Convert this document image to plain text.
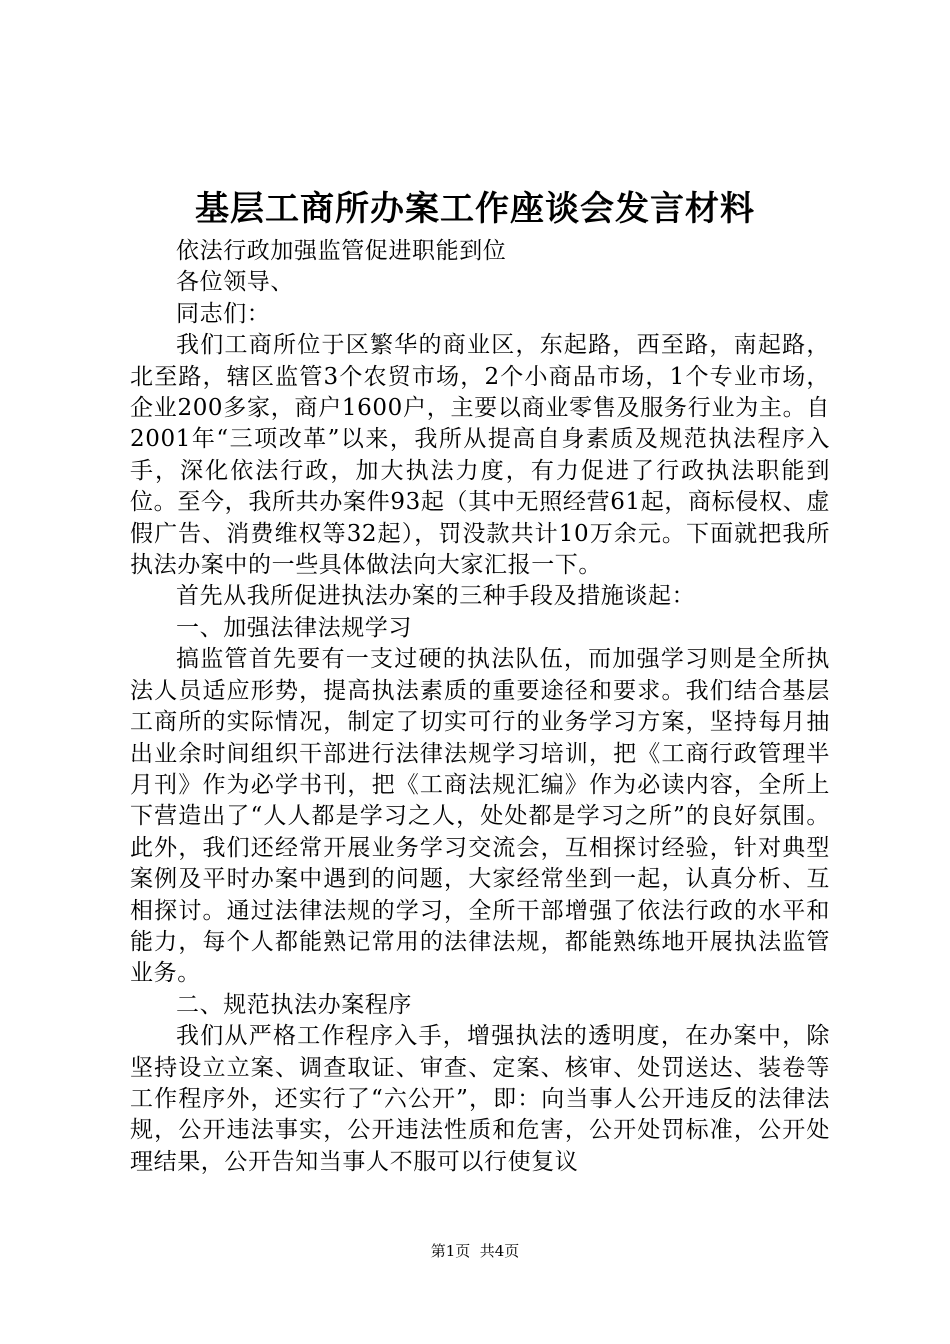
基层工商所办案工作座谈会发言材料

依法行政加强监管促进职能到位

各位领导、

同志们：

我们工商所位于区繁华的商业区，东起路，西至路，南起路，北至路，辖区监管3个农贸市场，2个小商品市场，1个专业市场，企业200多家，商户1600户，主要以商业零售及服务行业为主。自2001年“三项改革”以来，我所从提高自身素质及规范执法程序入手，深化依法行政，加大执法力度，有力促进了行政执法职能到位。至今，我所共办案件93起（其中无照经营61起，商标侵权、虚假广告、消费维权等32起），罚没款共计10万余元。下面就把我所执法办案中的一些具体做法向大家汇报一下。

首先从我所促进执法办案的三种手段及措施谈起：

一、加强法律法规学习

搞监管首先要有一支过硬的执法队伍，而加强学习则是全所执法人员适应形势，提高执法素质的重要途径和要求。我们结合基层工商所的实际情况，制定了切实可行的业务学习方案，坚持每月抽出业余时间组织干部进行法律法规学习培训，把《工商行政管理半月刊》作为必学书刊，把《工商法规汇编》作为必读内容，全所上下营造出了“人人都是学习之人，处处都是学习之所”的良好氛围。此外，我们还经常开展业务学习交流会，互相探讨经验，针对典型案例及平时办案中遇到的问题，大家经常坐到一起，认真分析、互相探讨。通过法律法规的学习，全所干部增强了依法行政的水平和能力，每个人都能熟记常用的法律法规，都能熟练地开展执法监管业务。

二、规范执法办案程序

我们从严格工作程序入手，增强执法的透明度，在办案中，除坚持设立立案、调查取证、审查、定案、核审、处罚送达、装卷等工作程序外，还实行了“六公开”，即：向当事人公开违反的法律法规，公开违法事实，公开违法性质和危害，公开处罚标准，公开处理结果，公开告知当事人不服可以行使复议

第1页  共4页
